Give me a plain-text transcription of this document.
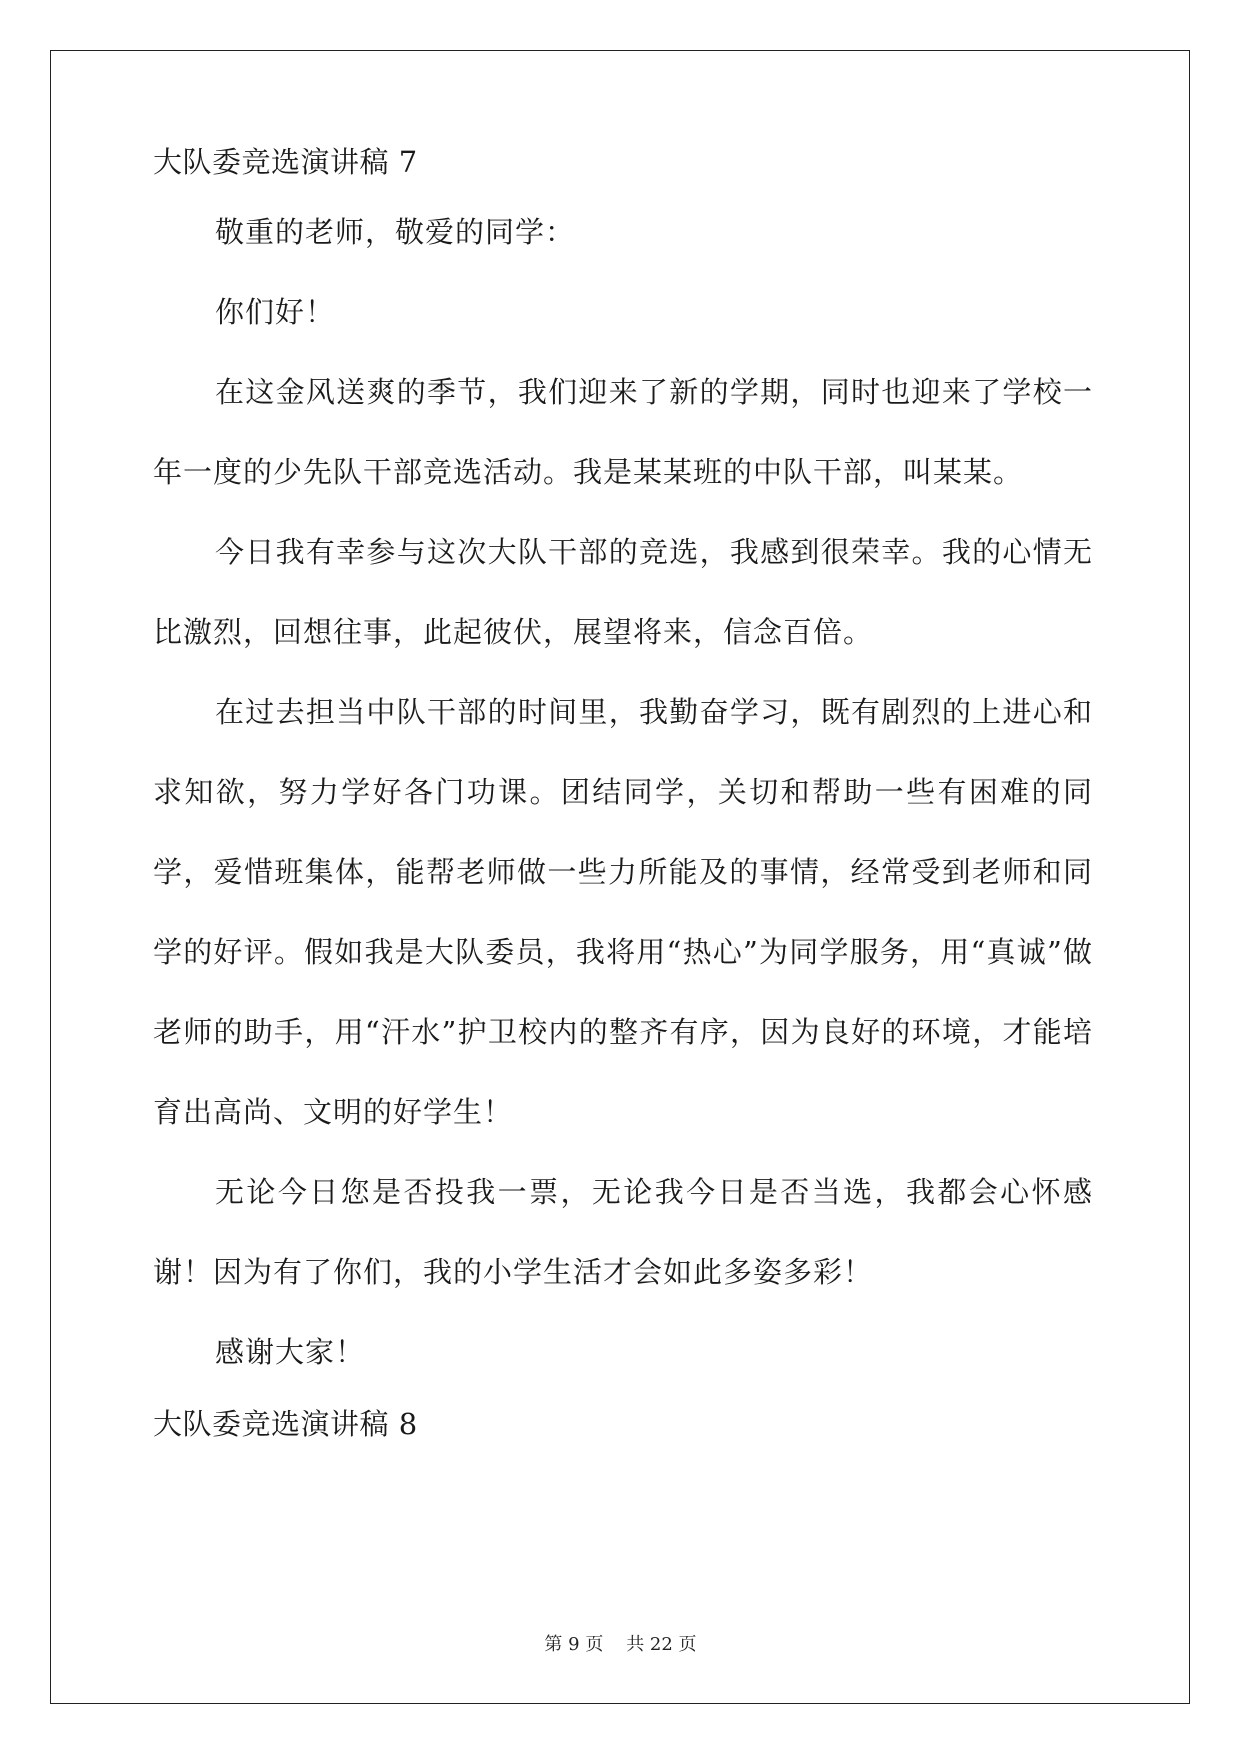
大队委竞选演讲稿 7

敬重的老师，敬爱的同学：

你们好！

在这金风送爽的季节，我们迎来了新的学期，同时也迎来了学校一年一度的少先队干部竞选活动。我是某某班的中队干部，叫某某。

今日我有幸参与这次大队干部的竞选，我感到很荣幸。我的心情无比激烈，回想往事，此起彼伏，展望将来，信念百倍。

在过去担当中队干部的时间里，我勤奋学习，既有剧烈的上进心和求知欲，努力学好各门功课。团结同学，关切和帮助一些有困难的同学，爱惜班集体，能帮老师做一些力所能及的事情，经常受到老师和同学的好评。假如我是大队委员，我将用“热心”为同学服务，用“真诚”做老师的助手，用“汗水”护卫校内的整齐有序，因为良好的环境，才能培育出高尚、文明的好学生！

无论今日您是否投我一票，无论我今日是否当选，我都会心怀感谢！因为有了你们，我的小学生活才会如此多姿多彩！

感谢大家！

大队委竞选演讲稿 8
第 9 页    共 22 页
